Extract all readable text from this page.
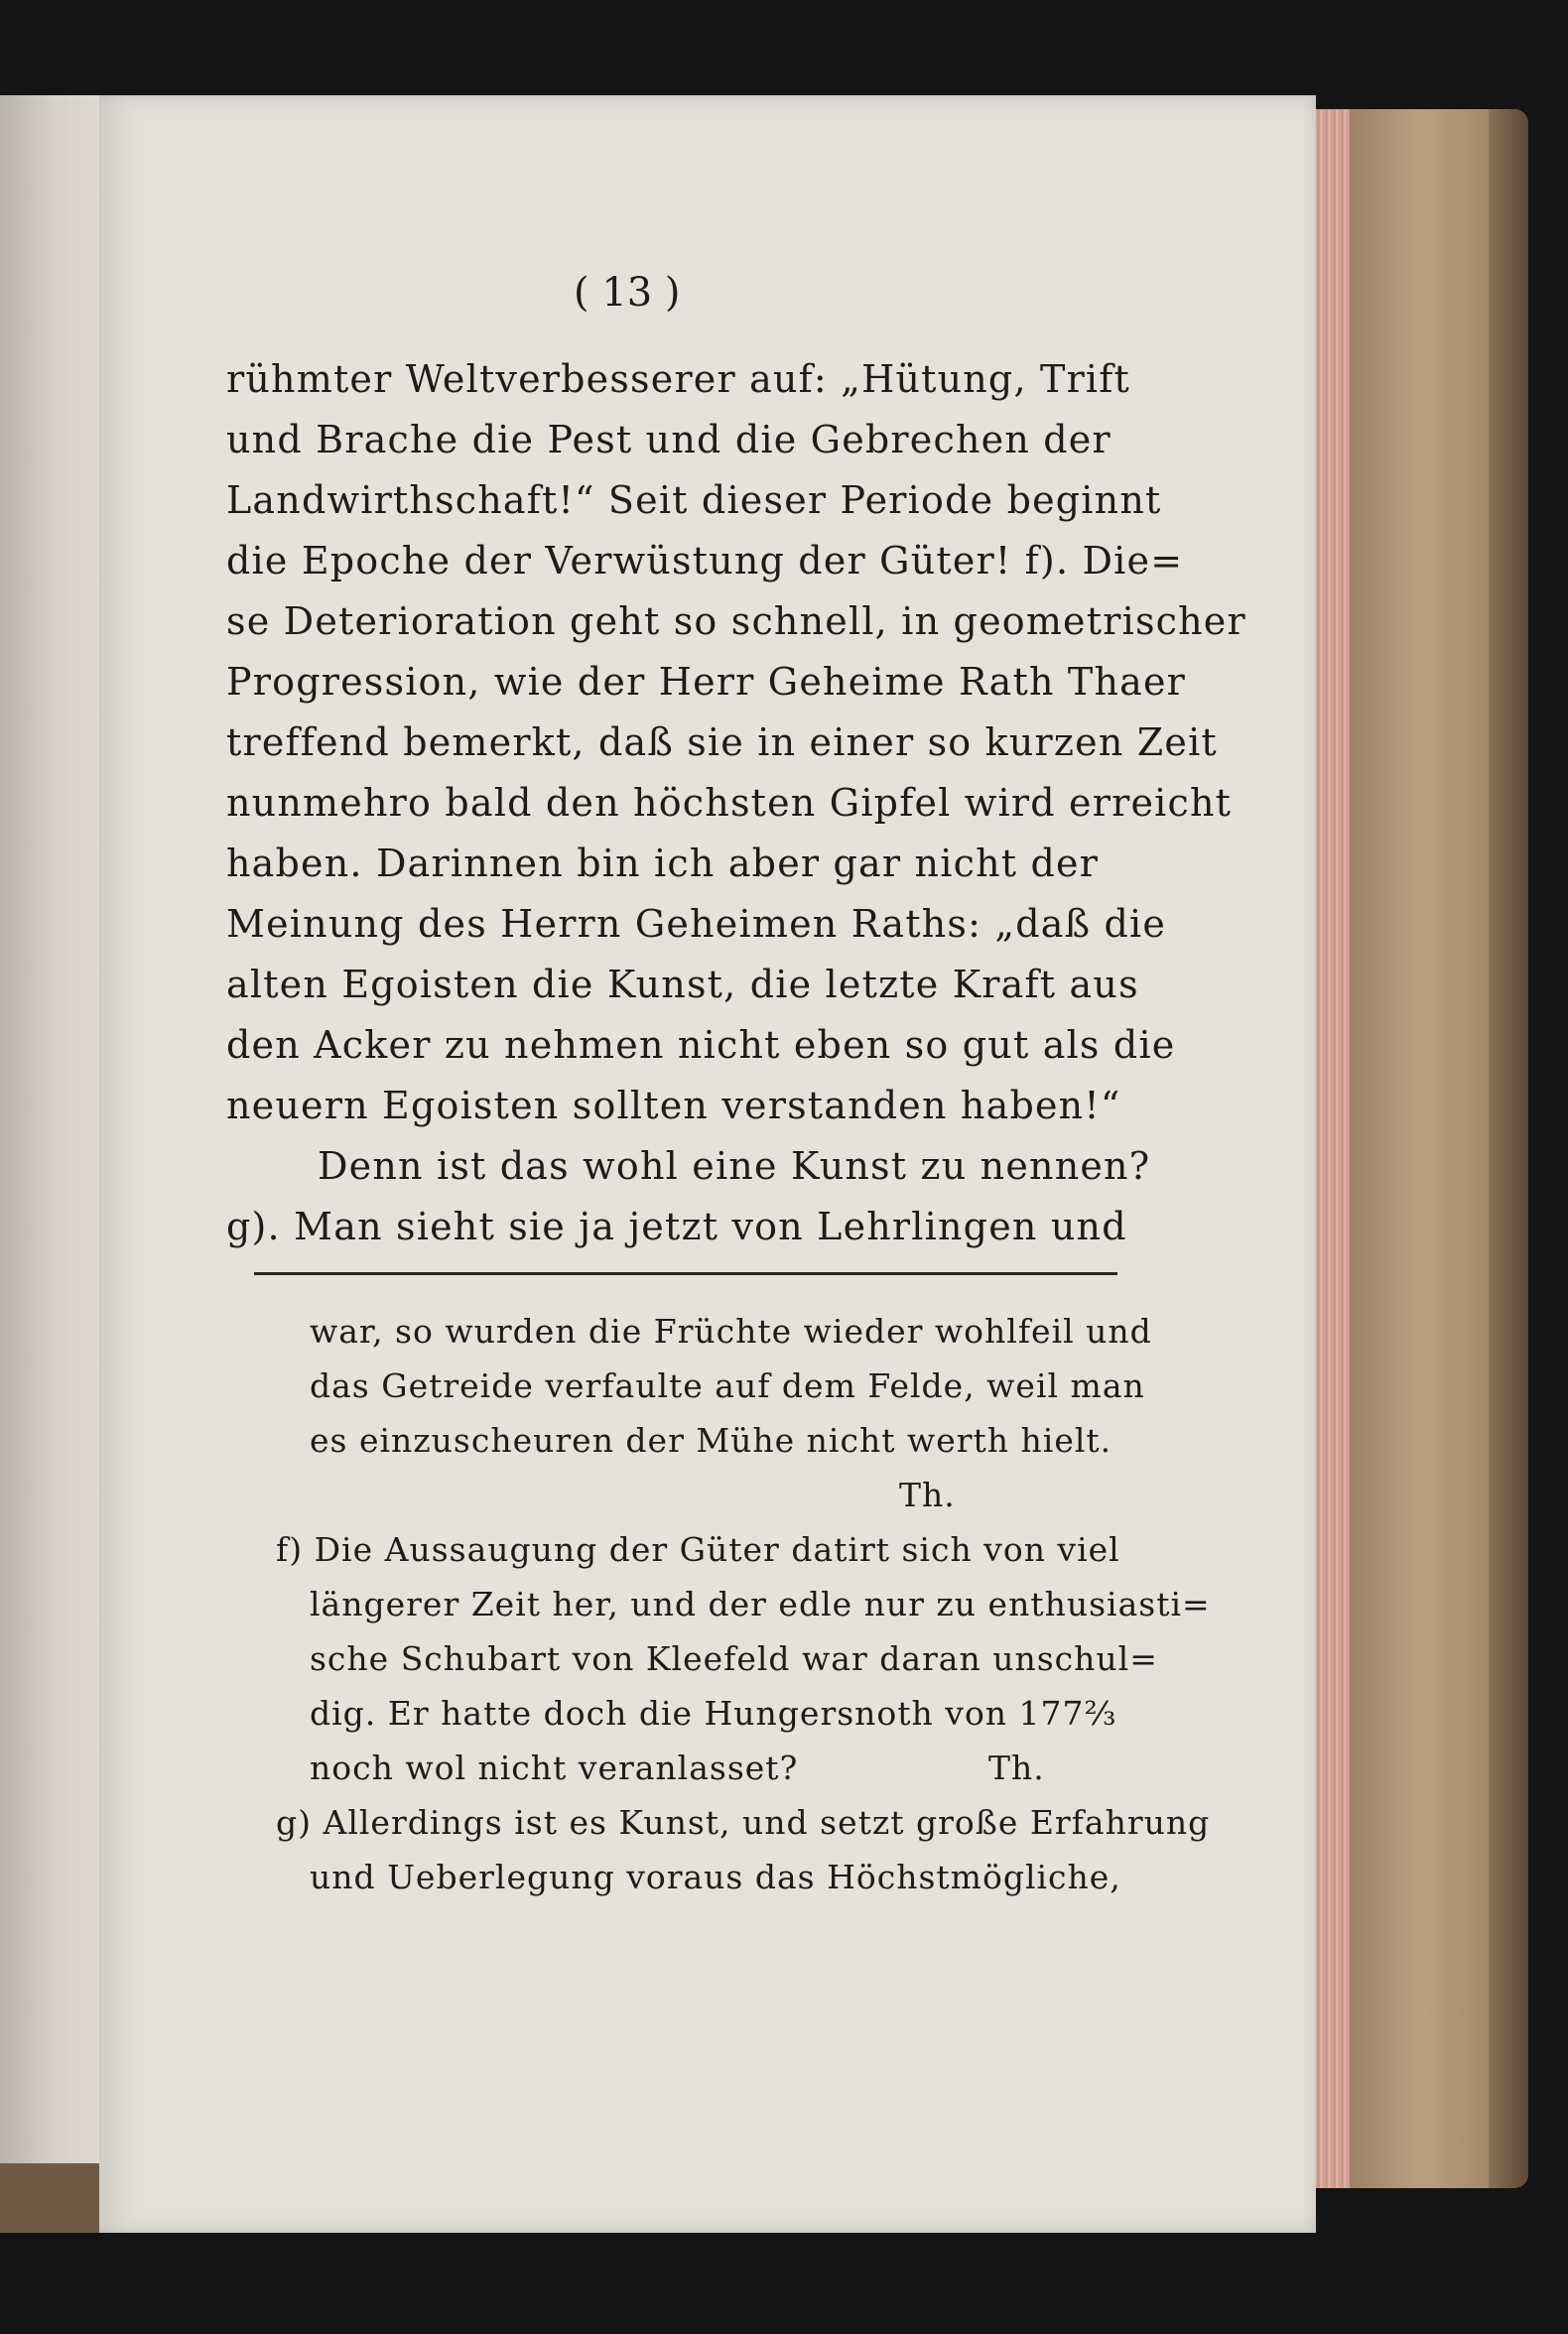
( 13 )
rühmter Weltverbesserer auf: „Hütung, Trift
und Brache die Pest und die Gebrechen der
Landwirthschaft!“ Seit dieser Periode beginnt
die Epoche der Verwüstung der Güter! f). Die=
se Deterioration geht so schnell, in geometrischer
Progression, wie der Herr Geheime Rath Thaer
treffend bemerkt, daß sie in einer so kurzen Zeit
nunmehro bald den höchsten Gipfel wird erreicht
haben. Darinnen bin ich aber gar nicht der
Meinung des Herrn Geheimen Raths: „daß die
alten Egoisten die Kunst, die letzte Kraft aus
den Acker zu nehmen nicht eben so gut als die
neuern Egoisten sollten verstanden haben!“
Denn ist das wohl eine Kunst zu nennen?
g). Man sieht sie ja jetzt von Lehrlingen und
war, so wurden die Früchte wieder wohlfeil und
das Getreide verfaulte auf dem Felde, weil man
es einzuscheuren der Mühe nicht werth hielt.
Th.
f) Die Aussaugung der Güter datirt sich von viel
längerer Zeit her, und der edle nur zu enthusiasti=
sche Schubart von Kleefeld war daran unschul=
dig. Er hatte doch die Hungersnoth von 177⅔
noch wol nicht veranlasset?	Th.
g) Allerdings ist es Kunst, und setzt große Erfahrung
und Ueberlegung voraus das Höchstmögliche,
